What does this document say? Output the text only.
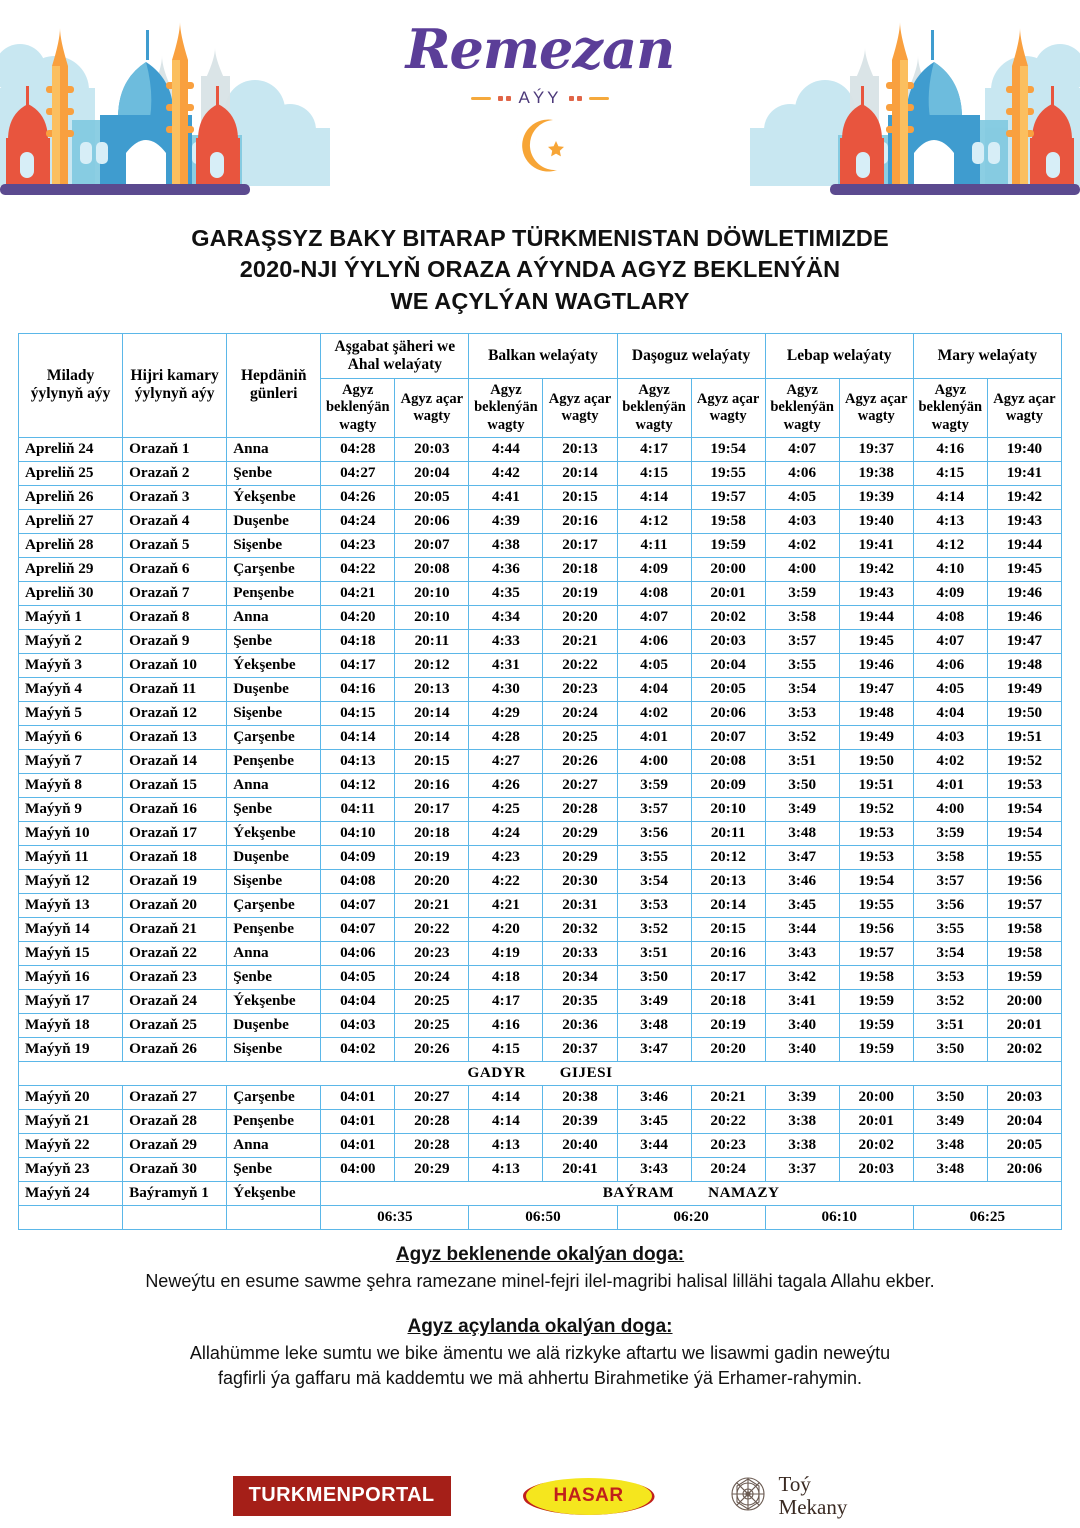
Remezan
AÝY
GARAŞSYZ BAKY BITARAP TÜRKMENISTAN DÖWLETIMIZDE
2020-NJI ÝYLYŇ ORAZA AÝYNDA AGYZ BEKLENÝÄN
WE AÇYLÝAN WAGTLARY
Milady ýylynyň aýy	Hijri kamary ýylynyň aýy	Hepdäniň günleri	Aşgabat şäheri we Ahal welaýaty		Balkan welaýaty		Daşoguz welaýaty		Lebap welaýaty		Mary welaýaty	
			Agyz beklenýän wagty	Agyz açar wagty	Agyz beklenýän wagty	Agyz açar wagty	Agyz beklenýän wagty	Agyz açar wagty	Agyz beklenýän wagty	Agyz açar wagty	Agyz beklenýän wagty	Agyz açar wagty
Apreliň 24	Orazaň 1	Anna	04:28	20:03	4:44	20:13	4:17	19:54	4:07	19:37	4:16	19:40
Apreliň 25	Orazaň 2	Şenbe	04:27	20:04	4:42	20:14	4:15	19:55	4:06	19:38	4:15	19:41
Apreliň 26	Orazaň 3	Ýekşenbe	04:26	20:05	4:41	20:15	4:14	19:57	4:05	19:39	4:14	19:42
Apreliň 27	Orazaň 4	Duşenbe	04:24	20:06	4:39	20:16	4:12	19:58	4:03	19:40	4:13	19:43
Apreliň 28	Orazaň 5	Sişenbe	04:23	20:07	4:38	20:17	4:11	19:59	4:02	19:41	4:12	19:44
Apreliň 29	Orazaň 6	Çarşenbe	04:22	20:08	4:36	20:18	4:09	20:00	4:00	19:42	4:10	19:45
Apreliň 30	Orazaň 7	Penşenbe	04:21	20:10	4:35	20:19	4:08	20:01	3:59	19:43	4:09	19:46
Maýyň 1	Orazaň 8	Anna	04:20	20:10	4:34	20:20	4:07	20:02	3:58	19:44	4:08	19:46
Maýyň 2	Orazaň 9	Şenbe	04:18	20:11	4:33	20:21	4:06	20:03	3:57	19:45	4:07	19:47
Maýyň 3	Orazaň 10	Ýekşenbe	04:17	20:12	4:31	20:22	4:05	20:04	3:55	19:46	4:06	19:48
Maýyň 4	Orazaň 11	Duşenbe	04:16	20:13	4:30	20:23	4:04	20:05	3:54	19:47	4:05	19:49
Maýyň 5	Orazaň 12	Sişenbe	04:15	20:14	4:29	20:24	4:02	20:06	3:53	19:48	4:04	19:50
Maýyň 6	Orazaň 13	Çarşenbe	04:14	20:14	4:28	20:25	4:01	20:07	3:52	19:49	4:03	19:51
Maýyň 7	Orazaň 14	Penşenbe	04:13	20:15	4:27	20:26	4:00	20:08	3:51	19:50	4:02	19:52
Maýyň 8	Orazaň 15	Anna	04:12	20:16	4:26	20:27	3:59	20:09	3:50	19:51	4:01	19:53
Maýyň 9	Orazaň 16	Şenbe	04:11	20:17	4:25	20:28	3:57	20:10	3:49	19:52	4:00	19:54
Maýyň 10	Orazaň 17	Ýekşenbe	04:10	20:18	4:24	20:29	3:56	20:11	3:48	19:53	3:59	19:54
Maýyň 11	Orazaň 18	Duşenbe	04:09	20:19	4:23	20:29	3:55	20:12	3:47	19:53	3:58	19:55
Maýyň 12	Orazaň 19	Sişenbe	04:08	20:20	4:22	20:30	3:54	20:13	3:46	19:54	3:57	19:56
Maýyň 13	Orazaň 20	Çarşenbe	04:07	20:21	4:21	20:31	3:53	20:14	3:45	19:55	3:56	19:57
Maýyň 14	Orazaň 21	Penşenbe	04:07	20:22	4:20	20:32	3:52	20:15	3:44	19:56	3:55	19:58
Maýyň 15	Orazaň 22	Anna	04:06	20:23	4:19	20:33	3:51	20:16	3:43	19:57	3:54	19:58
Maýyň 16	Orazaň 23	Şenbe	04:05	20:24	4:18	20:34	3:50	20:17	3:42	19:58	3:53	19:59
Maýyň 17	Orazaň 24	Ýekşenbe	04:04	20:25	4:17	20:35	3:49	20:18	3:41	19:59	3:52	20:00
Maýyň 18	Orazaň 25	Duşenbe	04:03	20:25	4:16	20:36	3:48	20:19	3:40	19:59	3:51	20:01
Maýyň 19	Orazaň 26	Sişenbe	04:02	20:26	4:15	20:37	3:47	20:20	3:40	19:59	3:50	20:02
GADYR GIJESI												
Maýyň 20	Orazaň 27	Çarşenbe	04:01	20:27	4:14	20:38	3:46	20:21	3:39	20:00	3:50	20:03
Maýyň 21	Orazaň 28	Penşenbe	04:01	20:28	4:14	20:39	3:45	20:22	3:38	20:01	3:49	20:04
Maýyň 22	Orazaň 29	Anna	04:01	20:28	4:13	20:40	3:44	20:23	3:38	20:02	3:48	20:05
Maýyň 23	Orazaň 30	Şenbe	04:00	20:29	4:13	20:41	3:43	20:24	3:37	20:03	3:48	20:06
Maýyň 24	Baýramyň 1	Ýekşenbe	BAÝRAM NAMAZY									
			06:35		06:50		06:20		06:10		06:25	
Agyz beklenende okalýan doga:
Neweýtu en esume sawme şehra ramezane minel-fejri ilel-magribi halisal lillähi tagala Allahu ekber.
Agyz açylanda okalýan doga:
Allahümme leke sumtu we bike ämentu we alä rizkyke aftartu we lisawmi gadin neweýtu
fagfirli ýa gaffaru mä kaddemtu we mä ahhertu Birahmetike ýä Erhamer-rahymin.
TURKMENPORTAL	HASAR
Toý
Mekany
